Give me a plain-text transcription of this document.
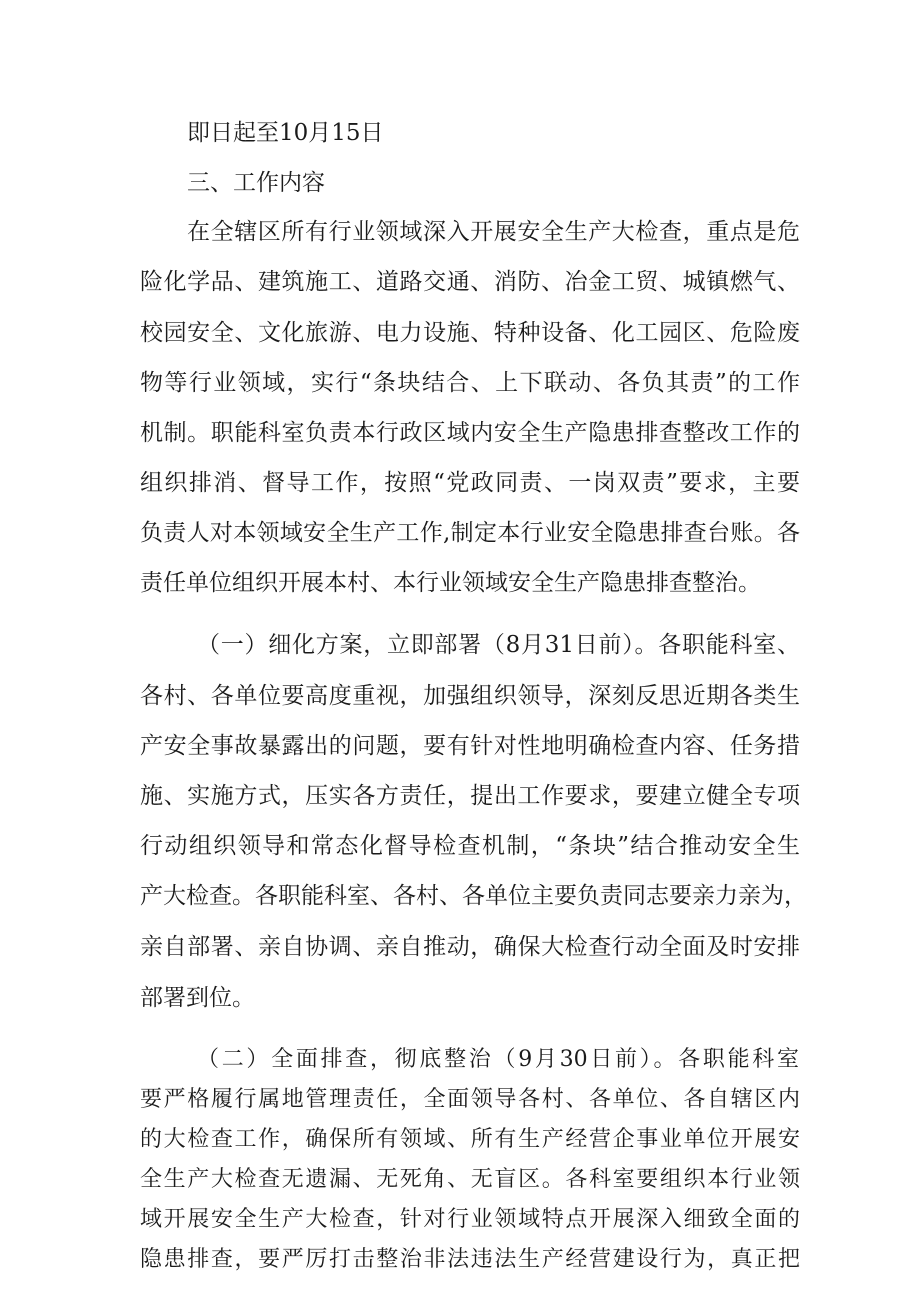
即日起至10月15日
三、工作内容
在全辖区所有行业领域深入开展安全生产大检查，重点是危
险化学品、建筑施工、道路交通、消防、冶金工贸、城镇燃气、
校园安全、文化旅游、电力设施、特种设备、化工园区、危险废
物等行业领域，实行“条块结合、上下联动、各负其责”的工作
机制。职能科室负责本行政区域内安全生产隐患排查整改工作的
组织排消、督导工作，按照“党政同责、一岗双责”要求，主要
负责人对本领域安全生产工作,制定本行业安全隐患排查台账。各
责任单位组织开展本村、本行业领域安全生产隐患排查整治。
（一）细化方案，立即部署（8月31日前）。各职能科室、
各村、各单位要高度重视，加强组织领导，深刻反思近期各类生
产安全事故暴露出的问题，要有针对性地明确检查内容、任务措
施、实施方式，压实各方责任，提出工作要求，要建立健全专项
行动组织领导和常态化督导检查机制，“条块”结合推动安全生
产大检查。各职能科室、各村、各单位主要负责同志要亲力亲为，
亲自部署、亲自协调、亲自推动，确保大检查行动全面及时安排
部署到位。
（二）全面排查，彻底整治（9月30日前）。各职能科室
要严格履行属地管理责任，全面领导各村、各单位、各自辖区内
的大检查工作，确保所有领域、所有生产经营企事业单位开展安
全生产大检查无遗漏、无死角、无盲区。各科室要组织本行业领
域开展安全生产大检查，针对行业领域特点开展深入细致全面的
隐患排查，要严厉打击整治非法违法生产经营建设行为，真正把
